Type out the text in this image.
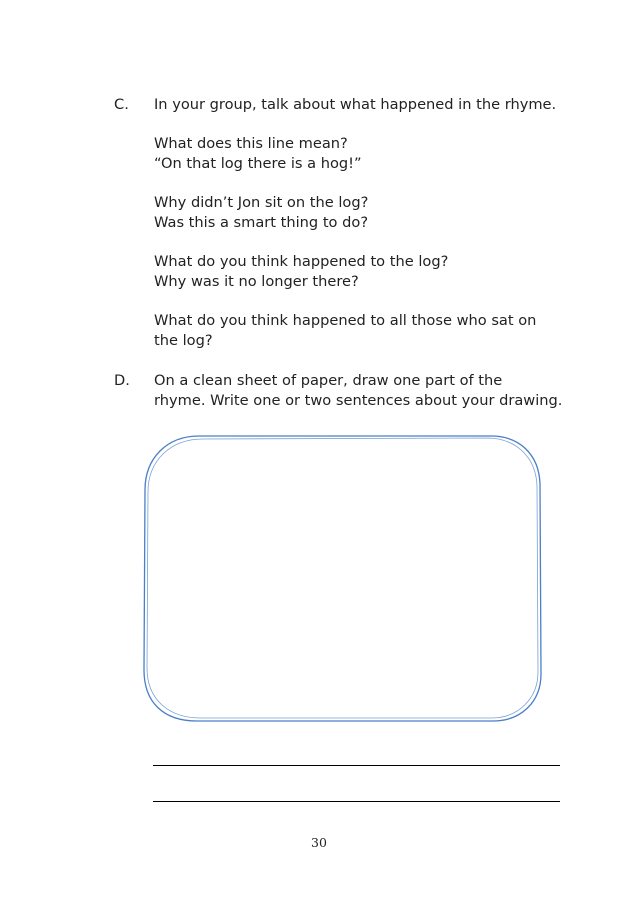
C. In your group, talk about what happened in the rhyme.

What does this line mean?
“On that log there is a hog!”

Why didn’t Jon sit on the log?
Was this a smart thing to do?

What do you think happened to the log?
Why was it no longer there?

What do you think happened to all those who sat on
the log?

D. On a clean sheet of paper, draw one part of the
rhyme. Write one or two sentences about your drawing.

30
